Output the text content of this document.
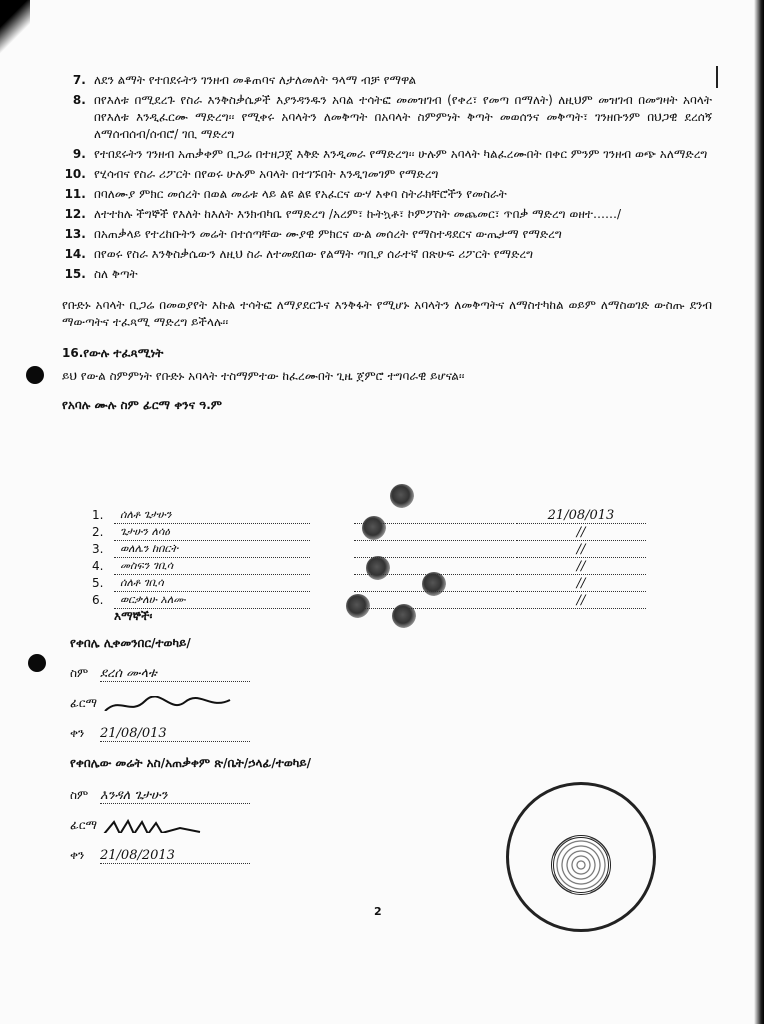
7. ለደን ልማት የተበደሩትን ገንዘብ መቆጠባና ለታለመለት ዓላማ ብቻ የማዋል
8. በየእለቱ በሚደረጉ የስራ እንቅስቃሴዎች እያንዳንዱን አባል ተሳትፎ መመዝገብ (የቀረ፣ የመጣ በማለት) ለዚህም መዝገብ በመግዛት አባላት በየእለቱ እንዲፈርሙ ማድረግ፡፡ የሚቀሩ አባላትን ለመቅጣት በአባላት ስምምነት ቅጣት መወሰንና መቅጣት፣ ገንዘቡንም በህጋዊ ደረሰኝ ለማሰብሰብ/ሰብሮ/ ገቢ ማድረግ
9. የተበደሩትን ገንዘብ አጠቃቀም ቢጋሬ በተዘጋጀ እቅድ እንዲመራ የማድረግ፡፡ ሁሉም አባላት ካልፈረሙበት በቀር ምንም ገንዘብ ወጭ አለማድረግ
10. የሂሳብና የስራ ሪፖርት በየወሩ ሁሉም አባላት በተገኙበት እንዲገመገም የማድረግ
11. በባለሙያ ምክር መሰረት በወል መሬቱ ላይ ልዩ ልዩ የአፈርና ውሃ እቀባ ስትራክቸሮችን የመስራት
12. ለተተከሉ ችግኞች የእለት ከእለት እንክብካቤ የማድረግ /አረም፣ ኩትኳቶ፣ ኮምፖስት መጨመር፣ ጥበቃ ማድረግ ወዘተ……/
13. በአጠቃላይ የተረከቡትን መሬት በተሰጣቸው ሙያዊ ምክርና ውል መሰረት የማስተዳደርና ውጤታማ የማድረግ
14. በየወሩ የስራ እንቅስቃሴውን ለዚህ ስራ ለተመደበው የልማት ጣቢያ ሰራተኛ በጽሁፍ ሪፖርት የማድረግ
15. ስለ ቅጣት

የቡድኑ አባላት ቢጋሬ በመወያየት እኩል ተሳትፎ ለማያደርጉና እንቅፋት የሚሆኑ አባላትን ለመቅጣትና ለማስተካከል ወይም ለማስወገድ ውስጡ ደንብ ማውጣትና ተፈጻሚ ማድረግ ይችላሉ፡፡

16.የውሉ ተፈጻሚነት

ይህ የውል ስምምነት የቡድኑ አባላት ተስማምተው ከፈረሙበት ጊዜ ጀምሮ ተግባራዊ ይሆናል፡፡

የአባሉ ሙሉ ስም ፊርማ ቀንና ዓ.ም

1.	ሰለቶ ጌታሁን	21/08/013
2.	ጌታሁን ለሳዕ	//
3.	ወለሌን ከበርት	//
4.	መስፍን ገቢሳ	//
5.	ሰለቶ ገቢሳ	//
6.	ወርቃለሁ አለሙ	//
እማኞች፡
የቀበሌ ሊቀመንበር/ተወካይ/
ስም ደረሰ ሙላቱ
ፊርማ
ቀን 21/08/013
የቀበሌው መሬት አስ/አጠቃቀም ጽ/ቤት/ኃላፊ/ተወካይ/
ስም እንዳለ ጌታሁን
ፊርማ
ቀን 21/08/2013
2
